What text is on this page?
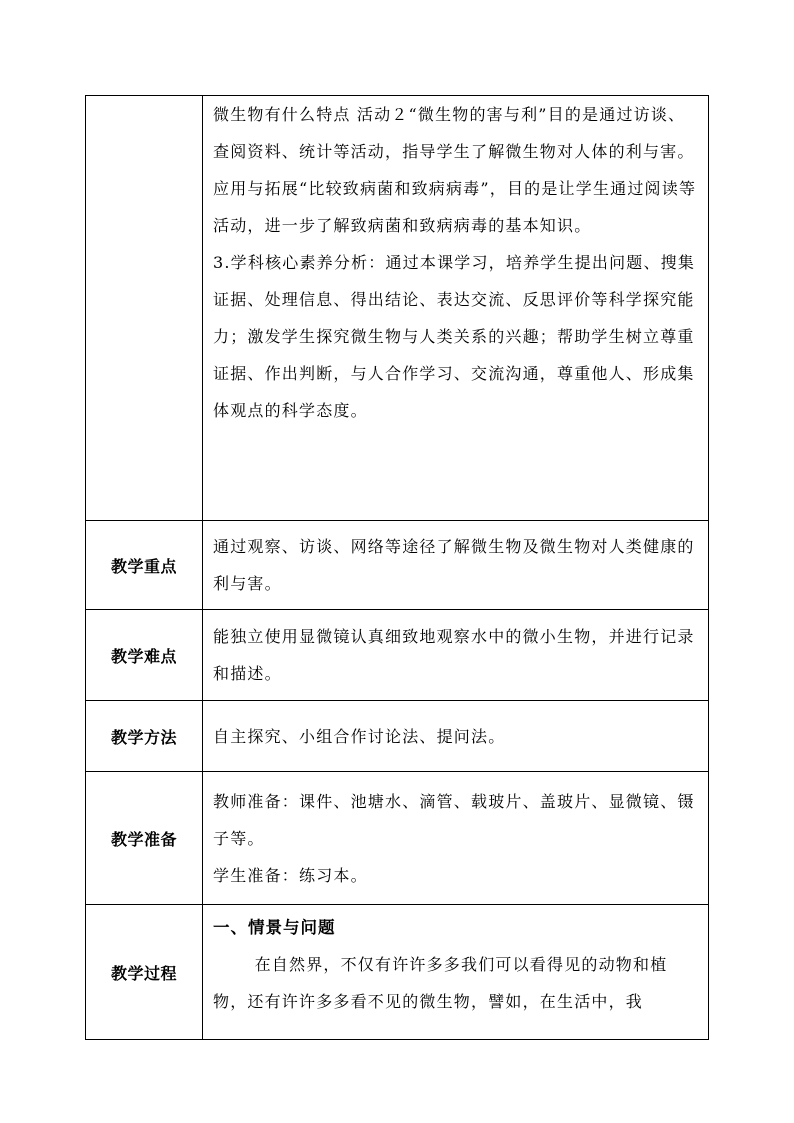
	微生物有什么特点 活动２“微生物的害与利”目的是通过访谈、查阅资料、统计等活动，指导学生了解微生物对人体的利与害。应用与拓展“比较致病菌和致病病毒”，目的是让学生通过阅读等活动，进一步了解致病菌和致病病毒的基本知识。

3.学科核心素养分析：通过本课学习，培养学生提出问题、搜集证据、处理信息、得出结论、表达交流、反思评价等科学探究能力；激发学生探究微生物与人类关系的兴趣；帮助学生树立尊重证据、作出判断，与人合作学习、交流沟通，尊重他人、形成集体观点的科学态度。

教学重点	通过观察、访谈、网络等途径了解微生物及微生物对人类健康的利与害。

教学难点	能独立使用显微镜认真细致地观察水中的微小生物，并进行记录和描述。

教学方法	自主探究、小组合作讨论法、提问法。

教学准备	教师准备：课件、池塘水、滴管、载玻片、盖玻片、显微镜、镊子等。

学生准备：练习本。

教学过程	一、情景与问题

在自然界，不仅有许许多多我们可以看得见的动物和植物，还有许许多多看不见的微生物，譬如，在生活中，我
